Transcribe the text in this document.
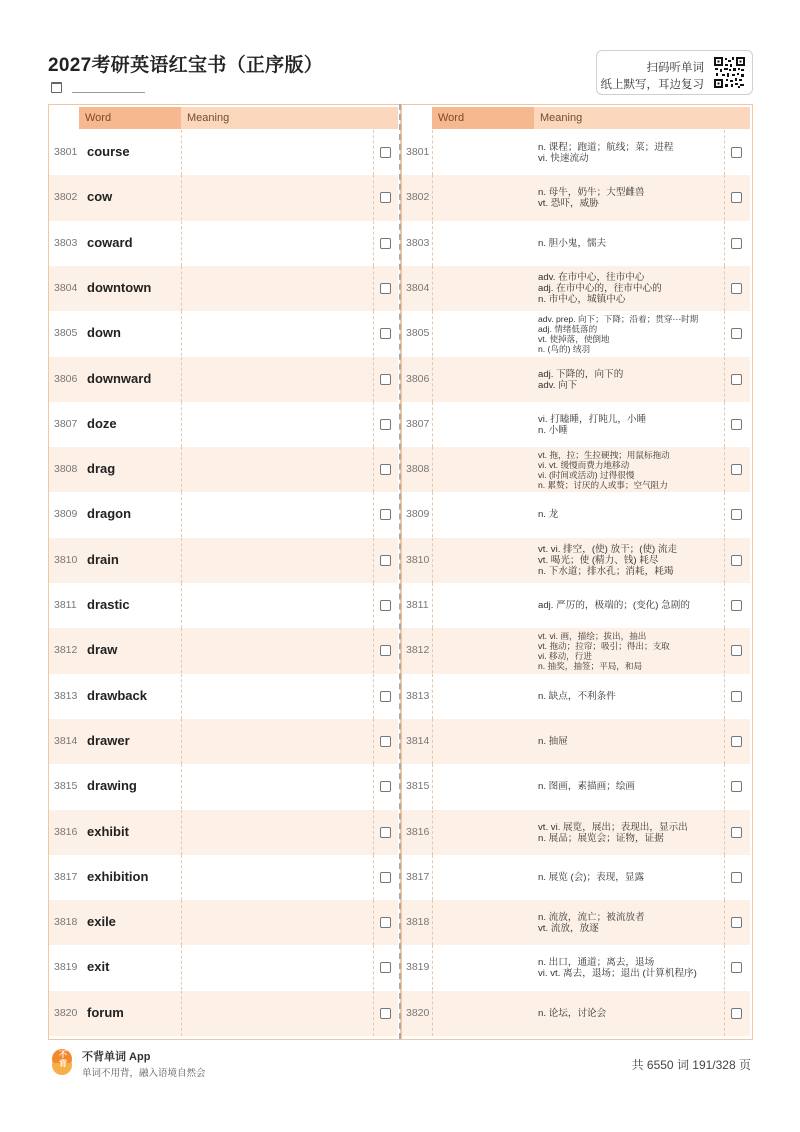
2027考研英语红宝书（正序版）	扫码听单词
纸上默写，耳边复习
Word	Meaning
3801 course
3802 cow
3803 coward
3804 downtown
3805 down
3806 downward
3807 doze
3808 drag
3809 dragon
3810 drain
3811 drastic
3812 draw
3813 drawback
3814 drawer
3815 drawing
3816 exhibit
3817 exhibition
3818 exile
3819 exit
3820 forum
Word	Meaning
3801	n. 课程；跑道；航线；菜；进程
vi. 快速流动
3802	n. 母牛，奶牛；大型雌兽
vt. 恐吓，威胁
3803	n. 胆小鬼，懦夫
3804
adv. 在市中心，往市中心
adj. 在市中心的，往市中心的
n. 市中心，城镇中心
3805
adv. prep. 向下；下降；沿着；贯穿⋯时期
adj. 情绪低落的
vt. 使掉落，使倒地
n. (鸟的) 绒羽
3806	adj. 下降的，向下的
adv. 向下
3807	vi. 打瞌睡，打盹儿，小睡
n. 小睡
3808
vt. 拖，拉；生拉硬拽；用鼠标拖动
vi. vt. 缓慢而费力地移动
vi. (时间或活动) 过得很慢
n. 累赘；讨厌的人或事；空气阻力
3809	n. 龙
3810
vt. vi. 排空，(使) 放干；(使) 流走
vt. 喝光；使 (精力、钱) 耗尽
n. 下水道；排水孔；消耗，耗竭
3811	adj. 严厉的，极端的；(变化) 急剧的
3812
vt. vi. 画，描绘；拔出，抽出
vt. 拖动；拉帘；吸引；得出；支取
vi. 移动，行进
n. 抽奖，抽签；平局，和局
3813	n. 缺点，不利条件
3814	n. 抽屉
3815	n. 图画，素描画；绘画
3816	vt. vi. 展览，展出；表现出，显示出
n. 展品；展览会；证物，证据
3817	n. 展览 (会)；表现，显露
3818	n. 流放，流亡；被流放者
vt. 流放，放逐
3819	n. 出口，通道；离去，退场
vi. vt. 离去，退场；退出 (计算机程序)
3820	n. 论坛，讨论会
不背
不背单词 App
单词不用背，融入语境自然会
共 6550 词 191/328 页
